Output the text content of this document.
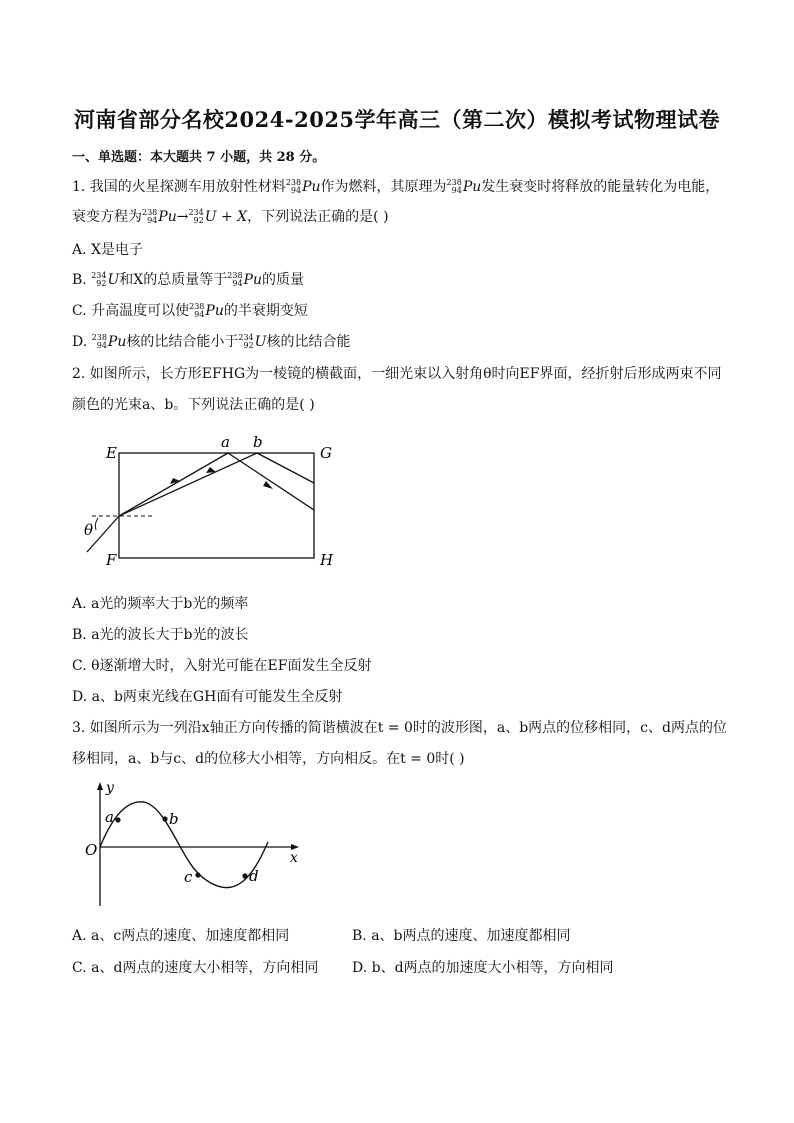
河南省部分名校2024-2025学年高三（第二次）模拟考试物理试卷
一、单选题：本大题共 7 小题，共 28 分。
1. 我国的火星探测车用放射性材料 238
94 Pu作为燃料，其原理为 238
94 Pu发生衰变时将释放的能量转化为电能，
衰变方程为 238
94 Pu→ 234
92 U + X，下列说法正确的是( )
A. X是电子
B. 234
92 U和X的总质量等于 238
94 Pu的质量
C. 升高温度可以使 238
94 Pu的半衰期变短
D. 238
94 Pu核的比结合能小于 234
92 U核的比结合能
2. 如图所示，长方形EFHG为一棱镜的横截面，一细光束以入射角θ时向EF界面，经折射后形成两束不同
颜色的光束a、b。下列说法正确的是( )
E
F
G
H
a b
θ
A. a光的频率大于b光的频率
B. a光的波长大于b光的波长
C. θ逐渐增大时，入射光可能在EF面发生全反射
D. a、b两束光线在GH面有可能发生全反射
3. 如图所示为一列沿x轴正方向传播的简谐横波在t = 0时的波形图，a、b两点的位移相同，c、d两点的位
移相同，a、b与c、d的位移大小相等，方向相反。在t = 0时( )
y
x
O
a	b
c	d
A. a、c两点的速度、加速度都相同	B. a、b两点的速度、加速度都相同
C. a、d两点的速度大小相等，方向相同 D. b、d两点的加速度大小相等，方向相同
